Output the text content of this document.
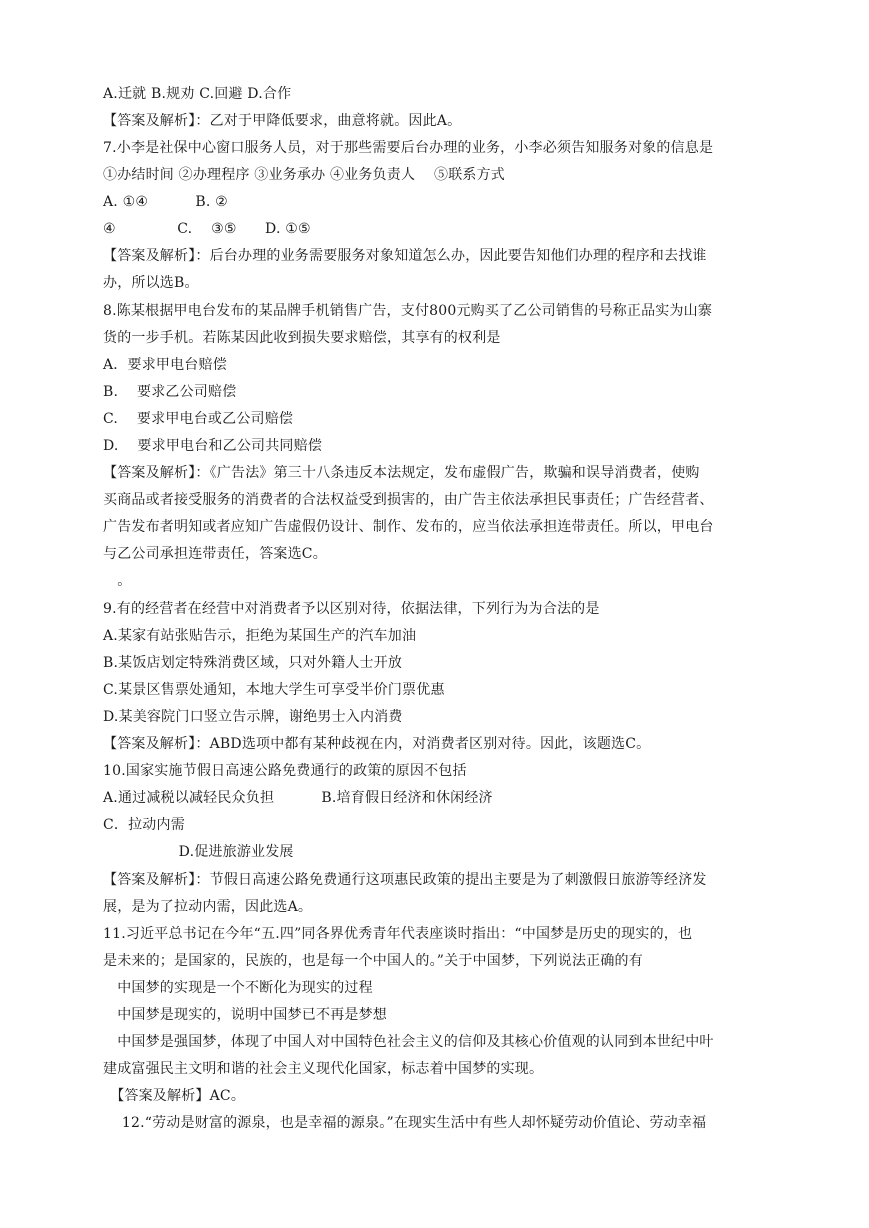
A.迁就 B.规劝 C.回避 D.合作
【答案及解析】：乙对于甲降低要求，曲意将就。因此A。
7.小李是社保中心窗口服务人员，对于那些需要后台办理的业务，小李必须告知服务对象的信息是
①办结时间 ②办理程序 ③业务承办 ④业务负责人　 ⑤联系方式
A. ①④　　　 B. ②
④　　　　 C.　 ③⑤　　D. ①⑤
【答案及解析】：后台办理的业务需要服务对象知道怎么办，因此要告知他们办理的程序和去找谁
办，所以选B。
8.陈某根据甲电台发布的某品牌手机销售广告，支付800元购买了乙公司销售的号称正品实为山寨
货的一步手机。若陈某因此收到损失要求赔偿，其享有的权利是
A．要求甲电台赔偿
B.　 要求乙公司赔偿
C.　 要求甲电台或乙公司赔偿
D.　 要求甲电台和乙公司共同赔偿
【答案及解析】：《广告法》第三十八条违反本法规定，发布虚假广告，欺骗和误导消费者，使购
买商品或者接受服务的消费者的合法权益受到损害的，由广告主依法承担民事责任；广告经营者、
广告发布者明知或者应知广告虚假仍设计、制作、发布的，应当依法承担连带责任。所以，甲电台
与乙公司承担连带责任，答案选C。
　。
9.有的经营者在经营中对消费者予以区别对待，依据法律，下列行为为合法的是
A.某家有站张贴告示，拒绝为某国生产的汽车加油
B.某饭店划定特殊消费区域，只对外籍人士开放
C.某景区售票处通知，本地大学生可享受半价门票优惠
D.某美容院门口竖立告示牌，谢绝男士入内消费
【答案及解析】：ABD选项中都有某种歧视在内，对消费者区别对待。因此，该题选C。
10.国家实施节假日高速公路免费通行的政策的原因不包括
A.通过减税以减轻民众负担　　　 B.培育假日经济和休闲经济
C．拉动内需
　　　　　 D.促进旅游业发展
【答案及解析】：节假日高速公路免费通行这项惠民政策的提出主要是为了刺激假日旅游等经济发
展，是为了拉动内需，因此选A。
11.习近平总书记在今年“五.四”同各界优秀青年代表座谈时指出：“中国梦是历史的现实的，也
是未来的；是国家的，民族的，也是每一个中国人的。”关于中国梦，下列说法正确的有
　中国梦的实现是一个不断化为现实的过程
　中国梦是现实的，说明中国梦已不再是梦想
　中国梦是强国梦，体现了中国人对中国特色社会主义的信仰及其核心价值观的认同到本世纪中叶
建成富强民主文明和谐的社会主义现代化国家，标志着中国梦的实现。
　【答案及解析】AC。
　 12.“劳动是财富的源泉，也是幸福的源泉。”在现实生活中有些人却怀疑劳动价值论、劳动幸福
